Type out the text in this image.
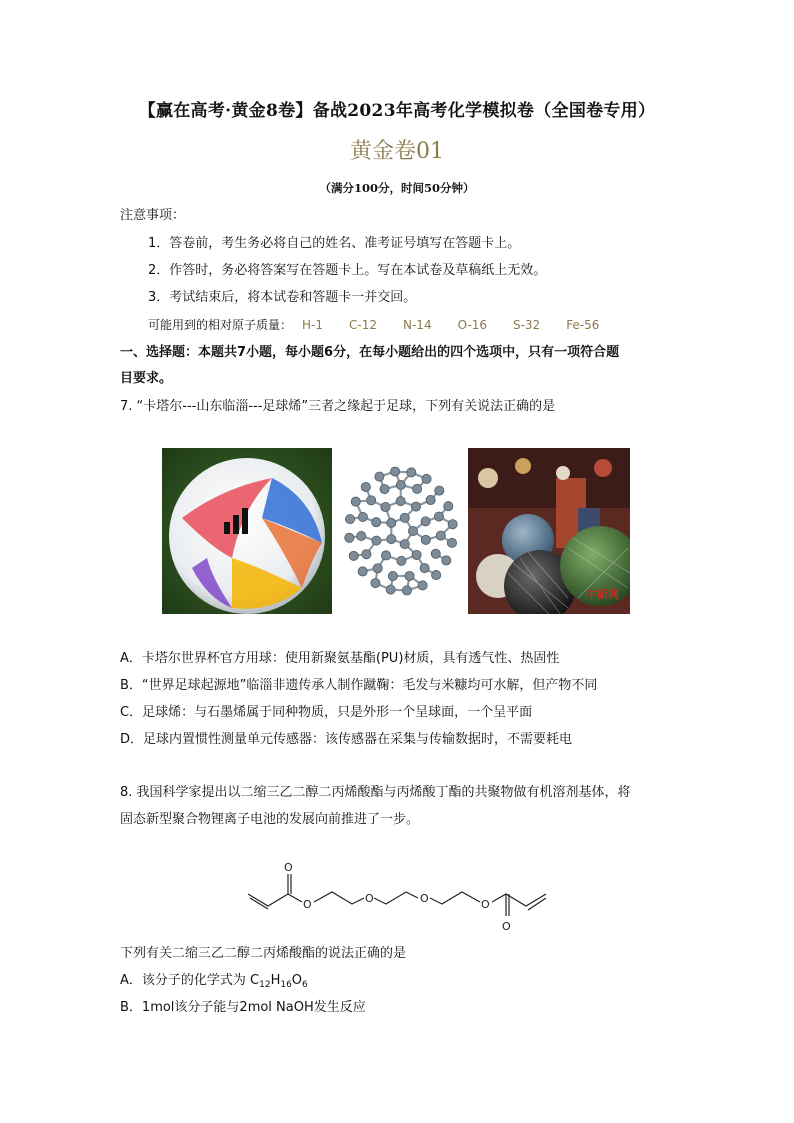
【赢在高考·黄金8卷】备战2023年高考化学模拟卷（全国卷专用）
黄金卷01
（满分100分，时间50分钟）
注意事项：
1．答卷前，考生务必将自己的姓名、准考证号填写在答题卡上。
2．作答时，务必将答案写在答题卡上。写在本试卷及草稿纸上无效。
3．考试结束后，将本试卷和答题卡一并交回。
可能用到的相对原子质量： H-1 C-12 N-14 O-16 S-32 Fe-56
一、选择题：本题共7小题，每小题6分，在每小题给出的四个选项中，只有一项符合题
目要求。
7. “卡塔尔---山东临淄---足球烯”三者之缘起于足球，下列有关说法正确的是
中新网
A．卡塔尔世界杯官方用球：使用新聚氨基酯(PU)材质，具有透气性、热固性
B．“世界足球起源地”临淄非遗传承人制作蹴鞠：毛发与米糠均可水解，但产物不同
C．足球烯：与石墨烯属于同种物质，只是外形一个呈球面，一个呈平面
D．足球内置惯性测量单元传感器：该传感器在采集与传输数据时，不需要耗电
8. 我国科学家提出以二缩三乙二醇二丙烯酸酯与丙烯酸丁酯的共聚物做有机溶剂基体，将
固态新型聚合物锂离子电池的发展向前推进了一步。
O
O	O	O	O
O
下列有关二缩三乙二醇二丙烯酸酯的说法正确的是
A．该分子的化学式为 $C_{12}H_{16}O_6$
B．1mol该分子能与2mol NaOH发生反应
